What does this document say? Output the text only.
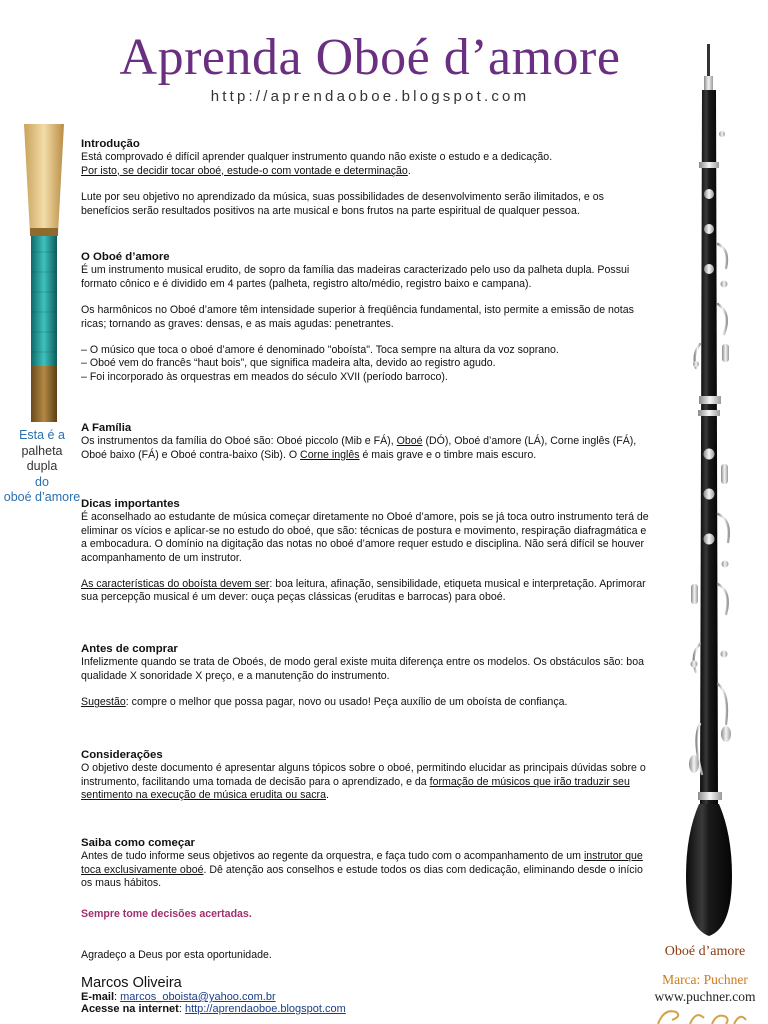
Aprenda Oboé d’amore
http://aprendaoboe.blogspot.com
Esta é a
palheta
dupla
do
oboé d’amore

Introdução

Está comprovado é difícil aprender qualquer instrumento quando não existe o estudo e a dedicação.
Por isto, se decidir tocar oboé, estude-o com vontade e determinação.

Lute por seu objetivo no aprendizado da música, suas possibilidades de desenvolvimento serão ilimitados, e os benefícios serão resultados positivos na arte musical e bons frutos na parte espiritual de qualquer pessoa.

O Oboé d’amore

É um instrumento musical erudito, de sopro da família das madeiras caracterizado pelo uso da palheta dupla. Possui formato cônico e é dividido em 4 partes (palheta, registro alto/médio, registro baixo e campana).

Os harmônicos no Oboé d’amore têm intensidade superior à freqüência fundamental, isto permite a emissão de notas ricas; tornando as graves: densas, e as mais agudas: penetrantes.

– O músico que toca o oboé d’amore é denominado "oboísta". Toca sempre na altura da voz soprano.

– Oboé vem do francês “haut bois”, que significa madeira alta, devido ao registro agudo.

– Foi incorporado às orquestras em meados do século XVII (período barroco).

A Família

Os instrumentos da família do Oboé são: Oboé piccolo (Mib e FÁ), Oboé (DÓ), Oboé d’amore (LÁ), Corne inglês (FÁ), Oboé baixo (FÁ) e Oboé contra-baixo (Sib). O Corne inglês é mais grave e o timbre mais escuro.

Dicas importantes

É aconselhado ao estudante de música começar diretamente no Oboé d’amore, pois se já toca outro instrumento terá de eliminar os vícios e aplicar-se no estudo do oboé, que são: técnicas de postura e movimento, respiração diafragmática e a embocadura. O domínio na digitação das notas no oboé d’amore requer estudo e disciplina. Não será difícil se houver acompanhamento de um instrutor.

As características do oboísta devem ser: boa leitura, afinação, sensibilidade, etiqueta musical e interpretação. Aprimorar sua percepção musical é um dever: ouça peças clássicas (eruditas e barrocas) para oboé.

Antes de comprar

Infelizmente quando se trata de Oboés, de modo geral existe muita diferença entre os modelos. Os obstáculos são: boa qualidade X sonoridade X preço, e a manutenção do instrumento.

Sugestão: compre o melhor que possa pagar, novo ou usado! Peça auxílio de um oboísta de confiança.

Considerações

O objetivo deste documento é apresentar alguns tópicos sobre o oboé, permitindo elucidar as principais dúvidas sobre o instrumento, facilitando uma tomada de decisão para o aprendizado, e da formação de músicos que irão traduzir seu sentimento na execução de música erudita ou sacra.

Saiba como começar

Antes de tudo informe seus objetivos ao regente da orquestra, e faça tudo com o acompanhamento de um instrutor que toca exclusivamente oboé. Dê atenção aos conselhos e estude todos os dias com dedicação, eliminando desde o início os maus hábitos.

Sempre tome decisões acertadas.

Agradeço a Deus por esta oportunidade.

Marcos Oliveira
E-mail: marcos_oboista@yahoo.com.br
Acesse na internet: http://aprendaoboe.blogspot.com
Oboé d’amore
Marca: Puchner
www.puchner.com
